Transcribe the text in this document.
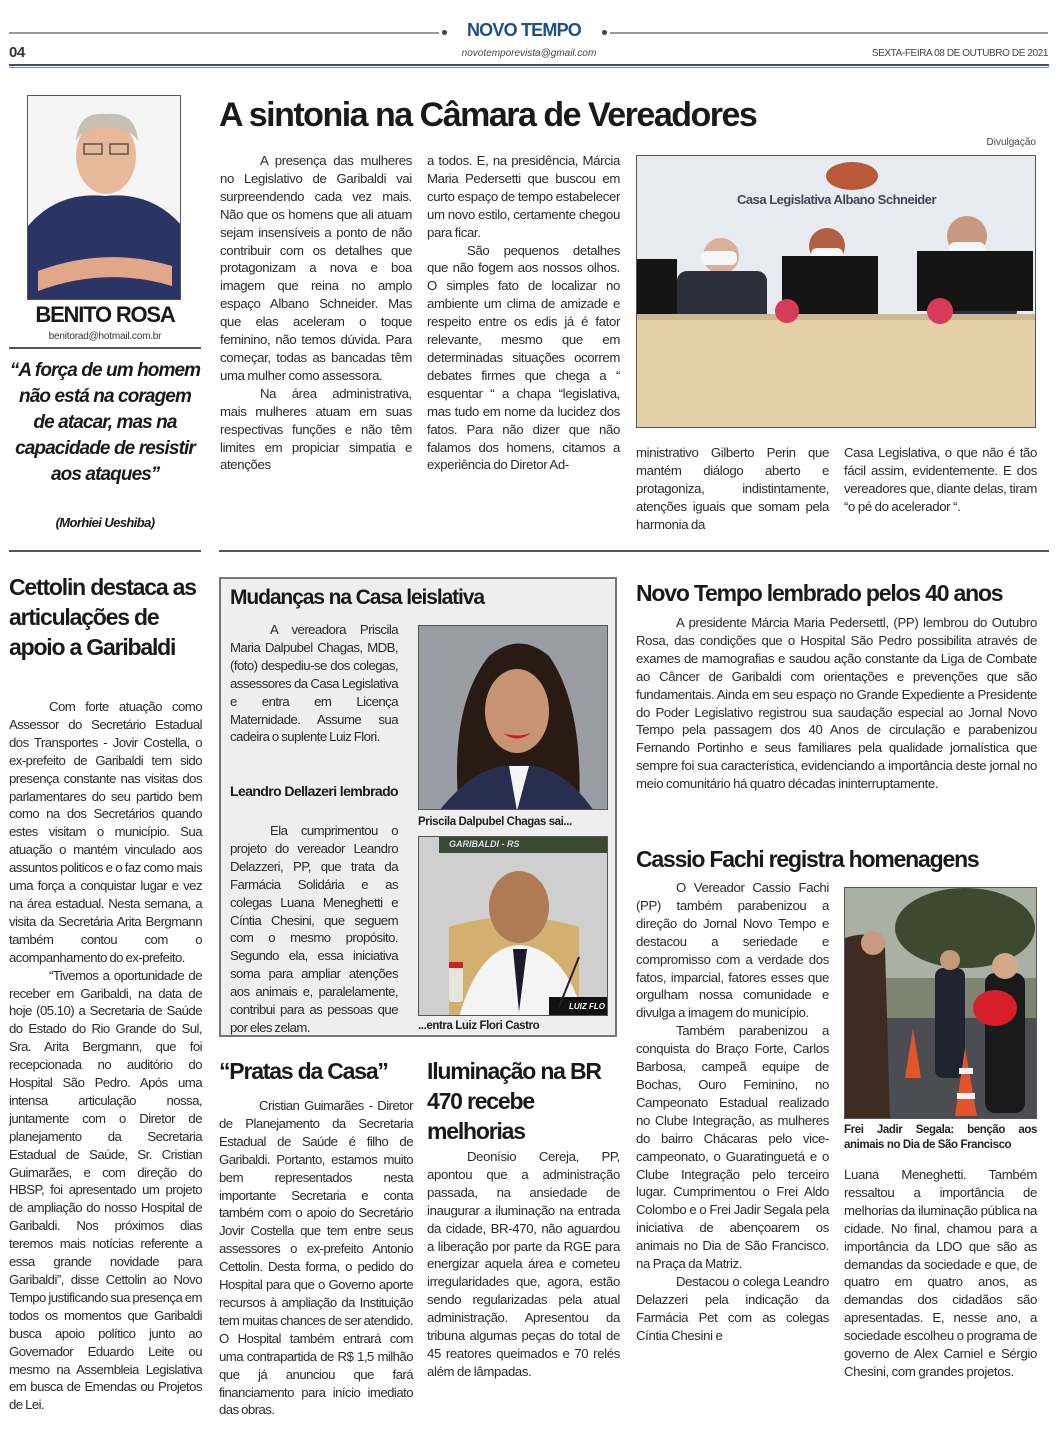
NOVO TEMPO
04	novotemporevista@gmail.com	SEXTA-FEIRA 08 DE OUTUBRO DE 2021
BENITO ROSA
benitorad@hotmail.com.br
“A força de um homem não está na coragem de atacar, mas na capacidade de resistir aos ataques’’
(Morhiei Ueshiba)
A sintonia na Câmara de Vereadores
Divulgação

A presença das mulheres no Legislativo de Garibaldi vai surpreendendo cada vez mais. Não que os homens que ali atuam sejam insensíveis a ponto de não contribuir com os detalhes que protagonizam a nova e boa imagem que reina no amplo espaço Albano Schneider. Mas que elas aceleram o toque feminino, não temos dúvida. Para começar, todas as bancadas têm uma mulher como assessora.

Na área administrativa, mais mulheres atuam em suas respectivas funções e não têm limites em propiciar simpatia e atenções

a todos. E, na presidência, Márcia Maria Pedersetti que buscou em curto espaço de tempo estabelecer um novo estilo, certamente chegou para ficar.

São pequenos detalhes que não fogem aos nossos olhos. O simples fato de localizar no ambiente um clima de amizade e respeito entre os edis já é fator relevante, mesmo que em determinadas situações ocorrem debates firmes que chega a “ esquentar “ a chapa “legislativa, mas tudo em nome da lucidez dos fatos. Para não dizer que não falamos dos homens, citamos a experiência do Diretor Ad-

Casa Legislativa Albano Schneider
ministrativo Gilberto Perin que mantém diálogo aberto e protagoniza, indistintamente, atenções iguais que somam pela harmonia da
Casa Legislativa, o que não é tão fácil assim, evidentemente. E dos vereadores que, diante delas, tiram “o pé do acelerador “.
Cettolin destaca as articulações de apoio a Garibaldi

Com forte atuação como Assessor do Secretário Estadual dos Transportes - Jovir Costella, o ex-prefeito de Garibaldi tem sido presença constante nas visitas dos parlamentares do seu partido bem como na dos Secretários quando estes visitam o município. Sua atuação o mantém vinculado aos assuntos politicos e o faz como mais uma força a conquistar lugar e vez na área estadual. Nesta semana, a visita da Secretária Arita Bergmann também contou com o acompanhamento do ex-prefeito.

“Tivemos a oportunidade de receber em Garibaldi, na data de hoje (05.10) a Secretaria de Saúde do Estado do Rio Grande do Sul, Sra. Arita Bergmann, que foi recepcionada no auditório do Hospital São Pedro. Após uma intensa articulação nossa, juntamente com o Diretor de planejamento da Secretaria Estadual de Saúde, Sr. Cristian Guimarães, e com direção do HBSP, foi apresentado um projeto de ampliação do nosso Hospital de Garibaldi. Nos próximos dias teremos mais notícias referente a essa grande novidade para Garibaldi”, disse Cettolin ao Novo Tempo justificando sua presença em todos os momentos que Garibaldi busca apoio político junto ao Governador Eduardo Leite ou mesmo na Assembleia Legislativa em busca de Emendas ou Projetos de Lei.

Mudanças na Casa leislativa

A vereadora Priscila Maria Dalpubel Chagas, MDB, (foto) despediu-se dos colegas, assessores da Casa Legislativa e entra em Licença Maternidade. Assume sua cadeira o suplente Luiz Flori.

Leandro Dellazeri lembrado

Ela cumprimentou o projeto do vereador Leandro Delazzeri, PP, que trata da Farmácia Solidária e as colegas Luana Meneghetti e Cíntia Chesini, que seguem com o mesmo propósito. Segundo ela, essa iniciativa soma para ampliar atenções aos animais e, paralelamente, contribui para as pessoas que por eles zelam.

Priscila Dalpubel Chagas sai...
GARIBALDI - RS
LUIZ FLO
...entra Luiz Flori Castro
“Pratas da Casa”

Cristian Guimarães - Diretor de Planejamento da Secretaria Estadual de Saúde é filho de Garibaldi. Portanto, estamos muito bem representados nesta importante Secretaria e conta também com o apoio do Secretário Jovir Costella que tem entre seus assessores o ex-prefeito Antonio Cettolin. Desta forma, o pedido do Hospital para que o Governo aporte recursos à ampliação da Instituição tem muitas chances de ser atendido. O Hospital também entrará com uma contrapartida de R$ 1,5 milhão que já anunciou que fará financiamento para início imediato das obras.

Iluminação na BR 470 recebe melhorias

Deonísio Cereja, PP, apontou que a administração passada, na ansiedade de inaugurar a iluminação na entrada da cidade, BR-470, não aguardou a liberação por parte da RGE para energizar aquela área e cometeu irregularidades que, agora, estão sendo regularizadas pela atual administração. Apresentou da tribuna algumas peças do total de 45 reatores queimados e 70 relés além de lâmpadas.

Novo Tempo lembrado pelos 40 anos

A presidente Márcia Maria Pedersettl, (PP) lembrou do Outubro Rosa, das condições que o Hospital São Pedro possibilita através de exames de mamografias e saudou ação constante da Liga de Combate ao Câncer de Garibaldi com orientações e prevenções que são fundamentais. Ainda em seu espaço no Grande Expediente a Presidente do Poder Legislativo registrou sua saudação especial ao Jornal Novo Tempo pela passagem dos 40 Anos de circulação e parabenizou Fernando Portinho e seus familiares pela qualidade jornalística que sempre foi sua característica, evidenciando a importância deste jornal no meio comunitário há quatro décadas ininterruptamente.

Cassio Fachi registra homenagens

O Vereador Cassio Fachi (PP) também parabenizou a direção do Jornal Novo Tempo e destacou a seriedade e compromisso com a verdade dos fatos, imparcial, fatores esses que orgulham nossa comunidade e divulga a imagem do município.

Também parabenizou a conquista do Braço Forte, Carlos Barbosa, campeã equipe de Bochas, Ouro Feminino, no Campeonato Estadual realizado no Clube Integração, as mulheres do bairro Chácaras pelo vice-campeonato, o Guaratinguetá e o Clube Integração pelo terceiro lugar. Cumprimentou o Frei Aldo Colombo e o Frei Jadir Segala pela iniciativa de abençoarem os animais no Dia de São Francisco. na Praça da Matriz.

Destacou o colega Leandro Delazzeri pela indicação da Farmácia Pet com as colegas Cíntia Chesini e

Frei Jadir Segala: benção aos animais no Dia de São Francisco
Luana Meneghetti. Também ressaltou a importância de melhorias da iluminação pública na cidade. No final, chamou para a importância da LDO que são as demandas da sociedade e que, de quatro em quatro anos, as demandas dos cidadãos são apresentadas. E, nesse ano, a sociedade escolheu o programa de governo de Alex Carniel e Sérgio Chesini, com grandes projetos.
